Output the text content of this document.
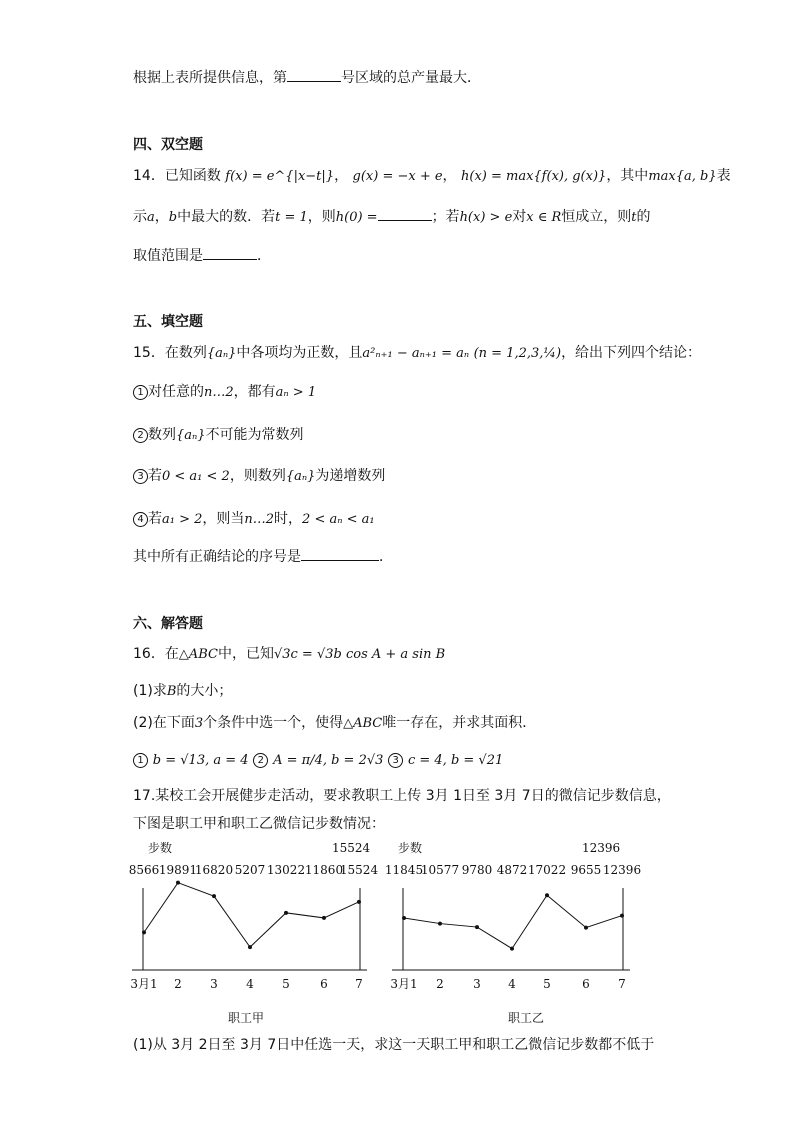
根据上表所提供信息，第	号区域的总产量最大．
四、双空题
14．已知函数 f(x) = e^{|x−t|}， g(x) = −x + e， h(x) = max{f(x), g(x)}，其中max{a, b}表
示a，b中最大的数．若t = 1，则h(0) =	；若h(x) > e对x ∈ R恒成立，则t的
取值范围是	．
五、填空题
15．在数列{aₙ}中各项均为正数，且a²ₙ₊₁ − aₙ₊₁ = aₙ (n = 1,2,3,¼)，给出下列四个结论：
1 对任意的n…2，都有aₙ > 1
2 数列{aₙ}不可能为常数列
3 若0 < a₁ < 2，则数列{aₙ}为递增数列
4 若a₁ > 2，则当n…2时，2 < aₙ < a₁
其中所有正确结论的序号是	．
六、解答题
16．在△ABC中，已知√3c = √3b cos A + a sin B
(1)求B的大小；
(2)在下面3个条件中选一个，使得△ABC唯一存在，并求其面积．
1 b = √13, a = 4 2 A = π/4, b = 2√3 3 c = 4, b = √21
17.某校工会开展健步走活动，要求教职工上传 3月 1日至 3月 7日的微信记步数信息，
下图是职工甲和职工乙微信记步数情况：
步数	15524
8566 19891
16820 5207 13022 11860
15524
3月1 2 3 4 5	6 7
职工甲
步数	12396
11845
10577 9780 4872 17022 9655 12396
3月1 2 3 4 5	6 7
职工乙
(1)从 3月 2日至 3月 7日中任选一天，求这一天职工甲和职工乙微信记步数都不低于
